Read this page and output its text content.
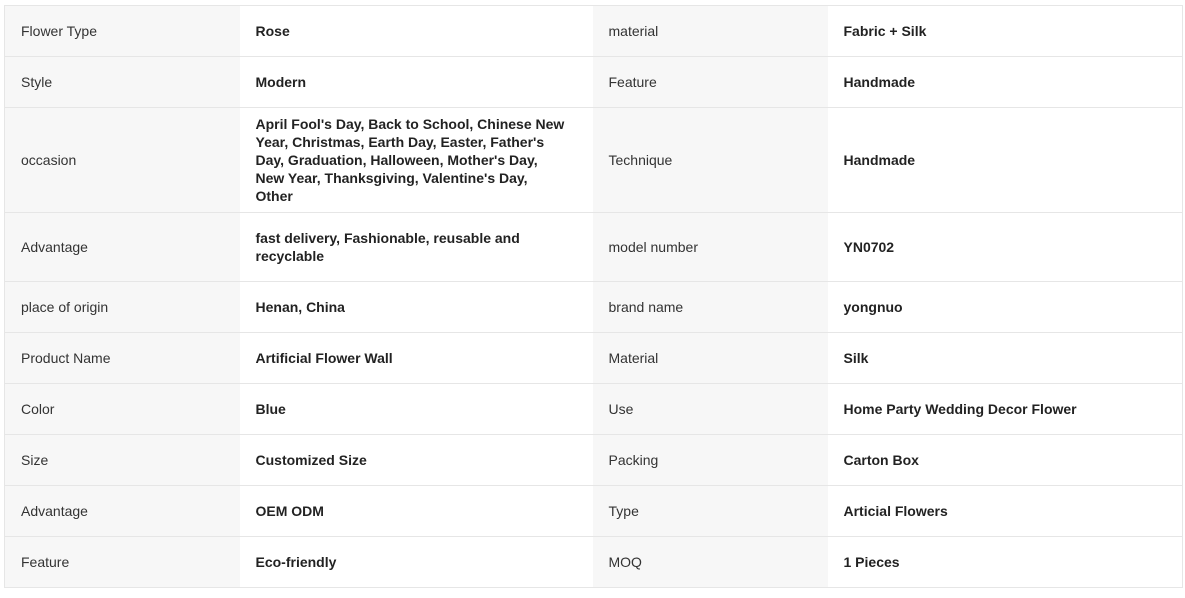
Flower Type	Rose	material	Fabric + Silk
Style	Modern	Feature	Handmade
occasion	April Fool's Day, Back to School, Chinese New Year, Christmas, Earth Day, Easter, Father's Day, Graduation, Halloween, Mother's Day, New Year, Thanksgiving, Valentine's Day, Other	Technique	Handmade
Advantage	fast delivery, Fashionable, reusable and recyclable	model number	YN0702
place of origin	Henan, China	brand name	yongnuo
Product Name	Artificial Flower Wall	Material	Silk
Color	Blue	Use	Home Party Wedding Decor Flower
Size	Customized Size	Packing	Carton Box
Advantage	OEM ODM	Type	Articial Flowers
Feature	Eco-friendly	MOQ	1 Pieces
